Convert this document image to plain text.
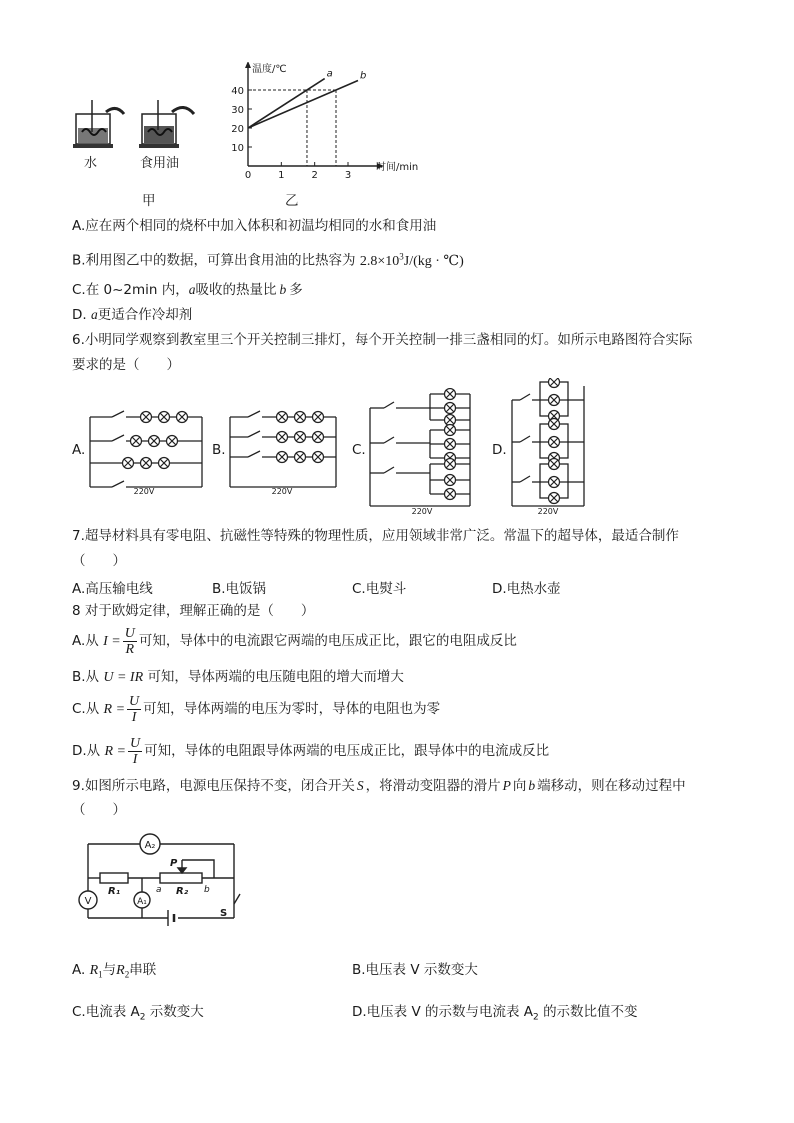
水	食用油
甲
10
20
30
40
0	1	2	3
a	b
温度/℃
时间/min
乙
A.应在两个相同的烧杯中加入体积和初温均相同的水和食用油
B.利用图乙中的数据，可算出食用油的比热容为 $2.8\times 10^3J/(kg$ · ℃)
C.在 0~2min 内，a吸收的热量比 b 多
D. a更适合作冷却剂
6.小明同学观察到教室里三个开关控制三排灯，每个开关控制一排三盏相同的灯。如所示电路图符合实际
要求的是（　　）
A.	B.	C.	D.
220V	220V
220V	220V
7.超导材料具有零电阻、抗磁性等特殊的物理性质，应用领域非常广泛。常温下的超导体，最适合制作
（　　）
A.高压输电线	B.电饭锅	C.电熨斗	D.电热水壶
8 对于欧姆定律，理解正确的是（　　）
A.从 $I = \frac{U}{R}$ 可知，导体中的电流跟它两端的电压成正比，跟它的电阻成反比
B.从 U = IR 可知，导体两端的电压随电阻的增大而增大
C.从 $R = \frac{U}{I}$ 可知，导体两端的电压为零时，导体的电阻也为零
D.从 $R = \frac{U}{I}$ 可知，导体的电阻跟导体两端的电压成正比，跟导体中的电流成反比
9.如图所示电路，电源电压保持不变，闭合开关 S ，将滑动变阻器的滑片 P 向 b 端移动，则在移动过程中
（　　）
A₂
V	A₁
R₁	R₂
P
a	b
S
A. $R_1$与$R_2$串联	B.电压表 V 示数变大
C.电流表 $A_2$ 示数变大	D.电压表 V 的示数与电流表 $A_2$ 的示数比值不变
